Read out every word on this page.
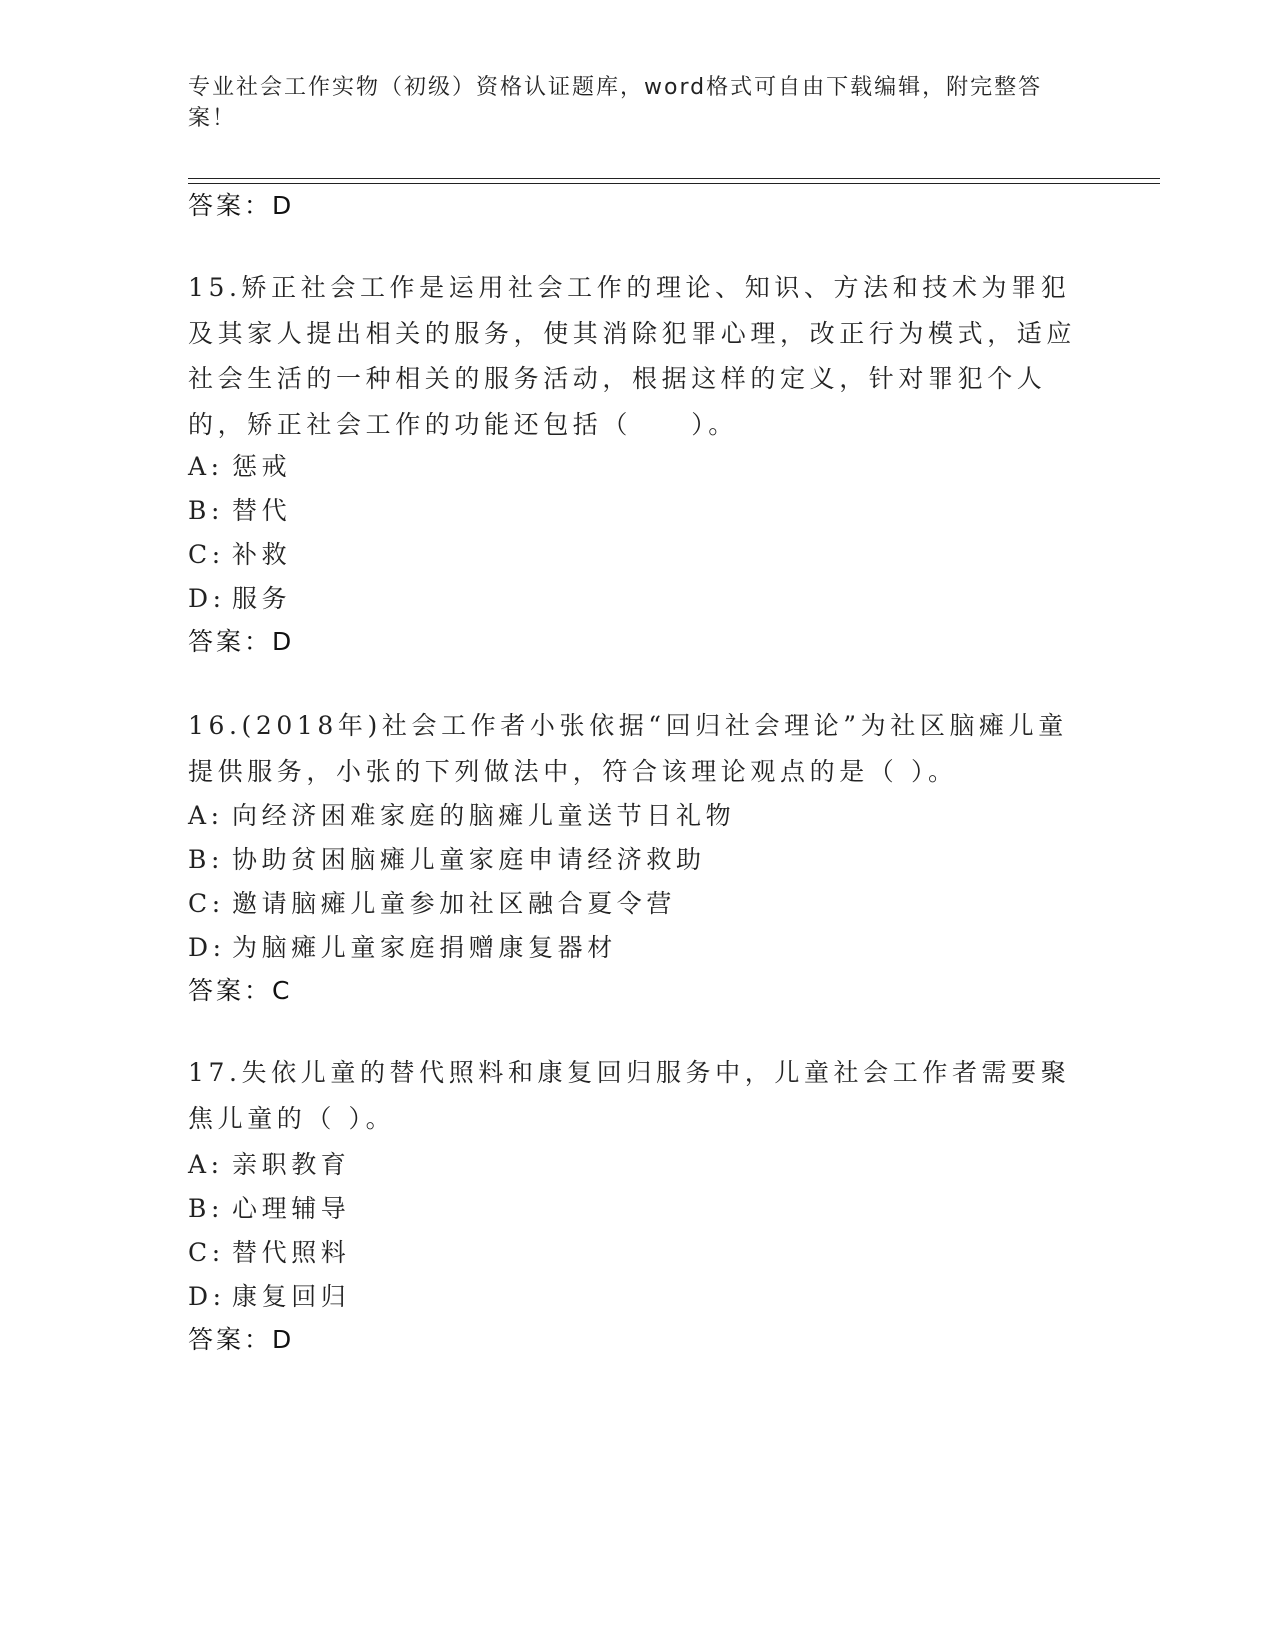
专业社会工作实物（初级）资格认证题库，word格式可自由下载编辑，附完整答案！
答案：D

15.矫正社会工作是运用社会工作的理论、知识、方法和技术为罪犯及其家人提出相关的服务，使其消除犯罪心理，改正行为模式，适应社会生活的一种相关的服务活动，根据这样的定义，针对罪犯个人的，矫正社会工作的功能还包括（　　）。

A: 惩戒
B: 替代
C: 补救
D: 服务
答案：D

16.(2018年)社会工作者小张依据“回归社会理论”为社区脑瘫儿童提供服务，小张的下列做法中，符合该理论观点的是（ ）。

A: 向经济困难家庭的脑瘫儿童送节日礼物
B: 协助贫困脑瘫儿童家庭申请经济救助
C: 邀请脑瘫儿童参加社区融合夏令营
D: 为脑瘫儿童家庭捐赠康复器材
答案：C

17.失依儿童的替代照料和康复回归服务中，儿童社会工作者需要聚焦儿童的（ ）。

A: 亲职教育
B: 心理辅导
C: 替代照料
D: 康复回归
答案：D
